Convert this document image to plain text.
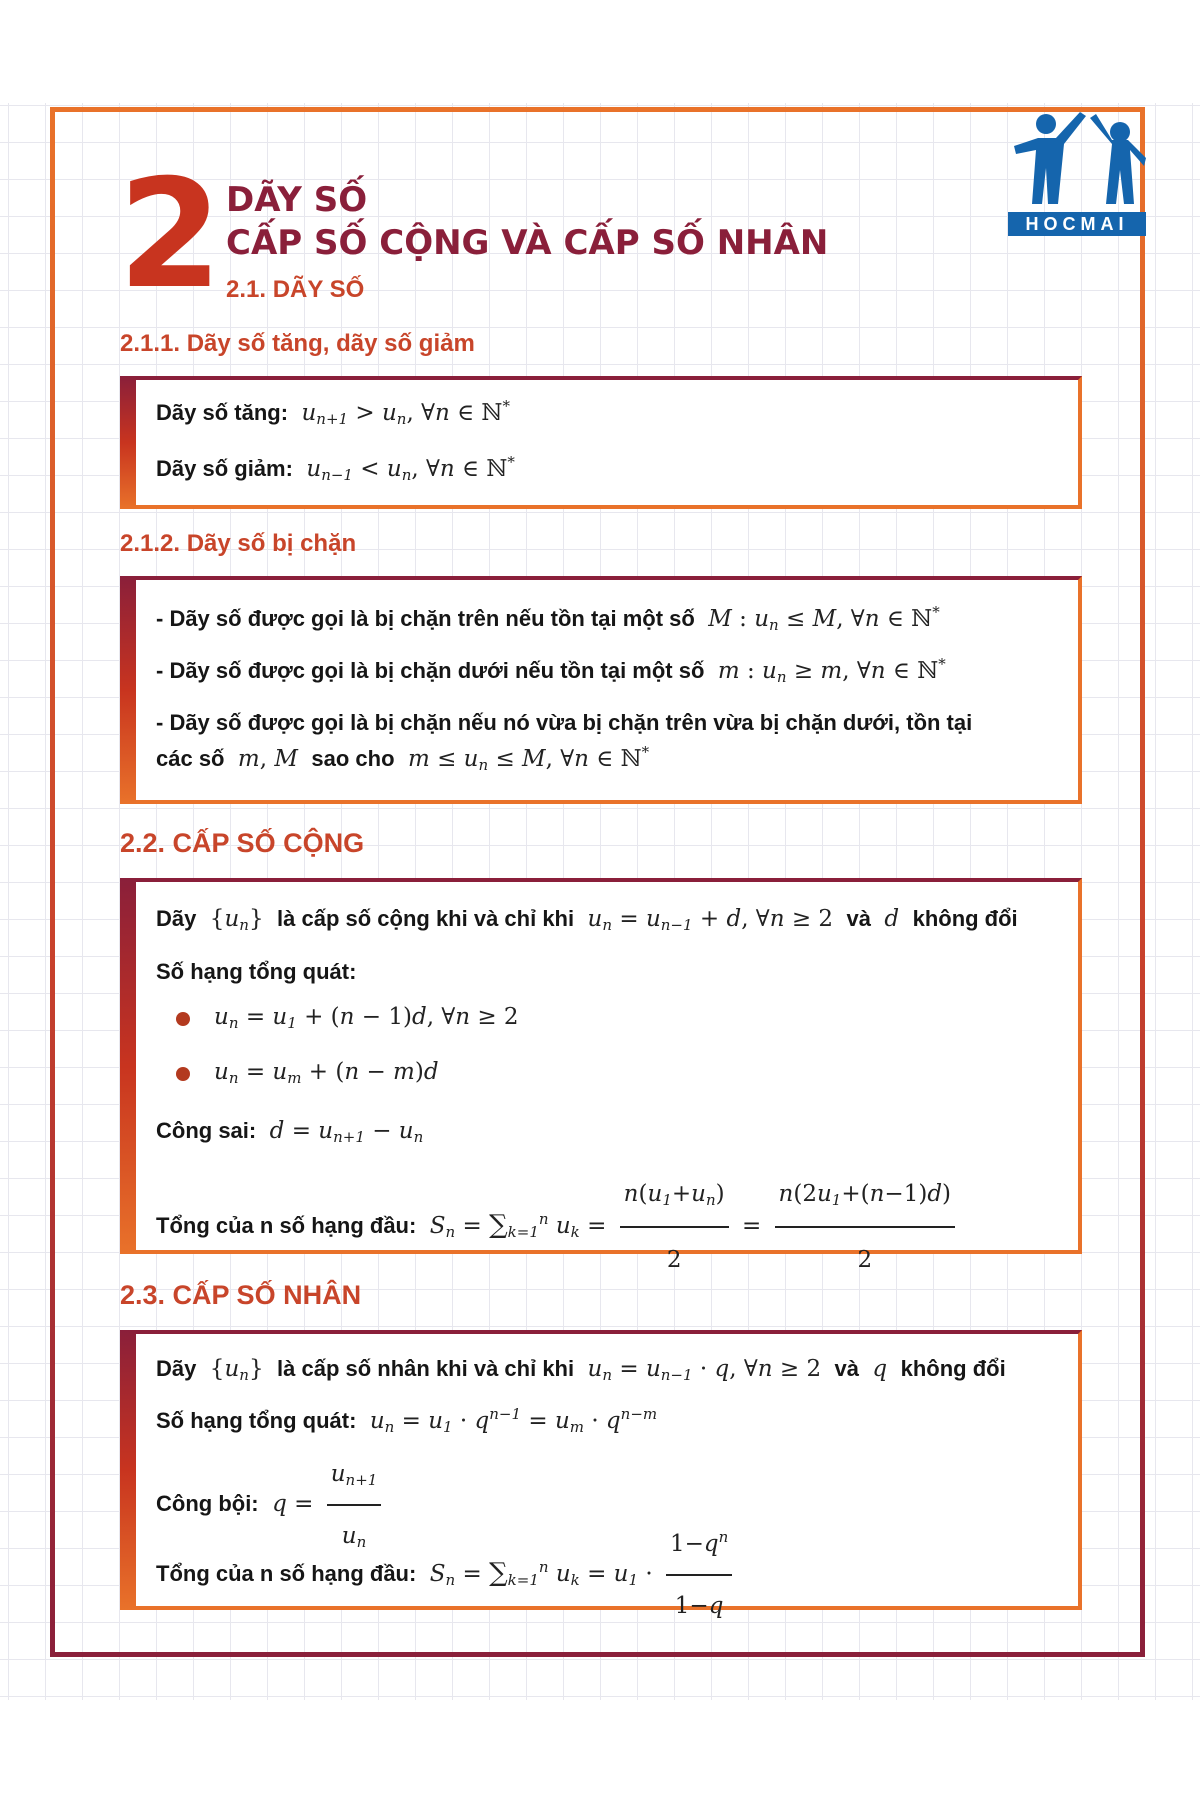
2 DÃY SỐ
CẤP SỐ CỘNG VÀ CẤP SỐ NHÂN
2.1. DÃY SỐ
HOCMAI
2.1.1. Dãy số tăng, dãy số giảm
Dãy số tăng:  $u_{n+1} > u_n$, ∀n ∈ ℕ*
Dãy số giảm:  $u_{n-1} < u_n$, ∀n ∈ ℕ*
2.1.2. Dãy số bị chặn
- Dãy số được gọi là bị chặn trên nếu tồn tại một số  M : $u_n \le M$, ∀n ∈ ℕ*
- Dãy số được gọi là bị chặn dưới nếu tồn tại một số  m : $u_n \ge m$, ∀n ∈ ℕ*
- Dãy số được gọi là bị chặn nếu nó vừa bị chặn trên vừa bị chặn dưới, tồn tại
các số  m, M  sao cho  $m \le u_n \le M$, ∀n ∈ ℕ*
2.2. CẤP SỐ CỘNG
Dãy $\{u_n\}$ là cấp số cộng khi và chỉ khi  $u_n = u_{n-1} + d$, ∀n ≥ 2 và  d  không đổi
Số hạng tổng quát:
$u_n = u_1 + (n - 1)d$, ∀n ≥ 2
$u_n = u_m + (n - m)d$
Công sai:  $d = u_{n+1} - u_n$
Tổng của n số hạng đầu:  $S_n = \sum_{k=1}^n$ $u_k = \frac{n(u_1+u_n)}{2} = \frac{n(2u_1+(n-1)d)}{2}$
2.3. CẤP SỐ NHÂN
Dãy $\{u_n\}$ là cấp số nhân khi và chỉ khi  $u_n = u_{n-1} \cdot q$, ∀n ≥ 2 và  q  không đổi
Số hạng tổng quát:  $u_n = u_1 \cdot q^{n-1} = u_m \cdot q^{n-m}$
Công bội:  $q = \frac{u_{n+1}}{u_n}$
Tổng của n số hạng đầu:  $S_n = \sum_{k=1}^n$ $u_k = u_1 \cdot \frac{1-q^n}{1-q}$
